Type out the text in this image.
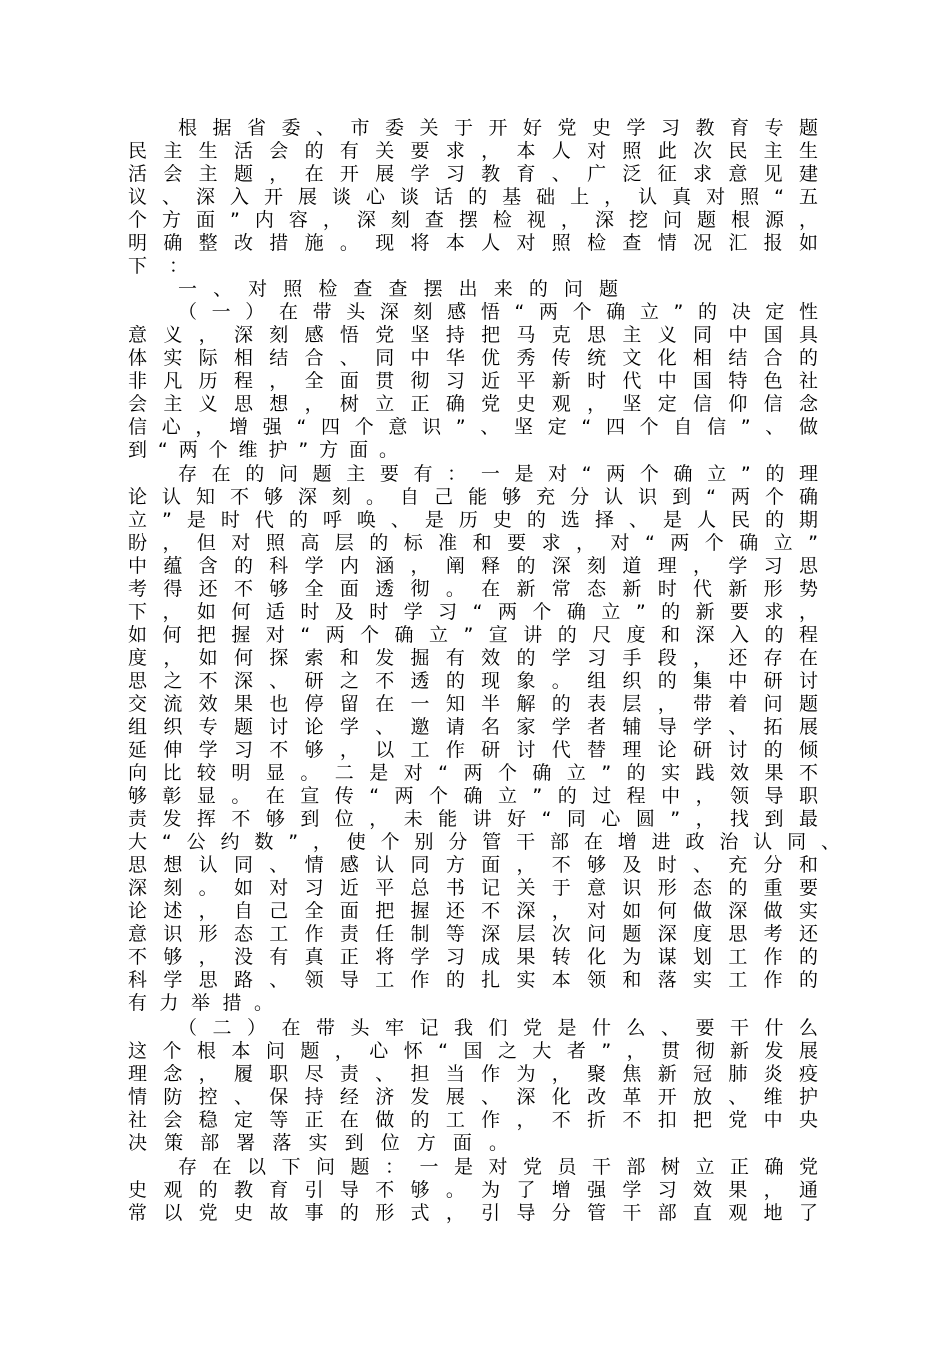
根据省委、市委关于开好党史学习教育专题
民主生活会的有关要求，本人对照此次民主生
活会主题，在开展学习教育、广泛征求意见建
议、深入开展谈心谈话的基础上，认真对照“五
个方面”内容，深刻查摆检视，深挖问题根源，
明确整改措施。现将本人对照检查情况汇报如
下：
一、对照检查查摆出来的问题
（一）在带头深刻感悟“两个确立”的决定性
意义，深刻感悟党坚持把马克思主义同中国具
体实际相结合、同中华优秀传统文化相结合的
非凡历程，全面贯彻习近平新时代中国特色社
会主义思想，树立正确党史观，坚定信仰信念
信心，增强“四个意识”、坚定“四个自信”、做
到“两个维护”方面。
存在的问题主要有：一是对“两个确立”的理
论认知不够深刻。自己能够充分认识到“两个确
立”是时代的呼唤、是历史的选择、是人民的期
盼，但对照高层的标准和要求，对“两个确立”
中蕴含的科学内涵，阐释的深刻道理，学习思
考得还不够全面透彻。在新常态新时代新形势
下，如何适时及时学习“两个确立”的新要求，
如何把握对“两个确立”宣讲的尺度和深入的程
度，如何探索和发掘有效的学习手段，还存在
思之不深、研之不透的现象。组织的集中研讨
交流效果也停留在一知半解的表层，带着问题
组织专题讨论学、邀请名家学者辅导学、拓展
延伸学习不够，以工作研讨代替理论研讨的倾
向比较明显。二是对“两个确立”的实践效果不
够彰显。在宣传“两个确立”的过程中，领导职
责发挥不够到位，未能讲好“同心圆”，找到最
大“公约数”，使个别分管干部在增进政治认同、
思想认同、情感认同方面，不够及时、充分和
深刻。如对习近平总书记关于意识形态的重要
论述，自己全面把握还不深，对如何做深做实
意识形态工作责任制等深层次问题深度思考还
不够，没有真正将学习成果转化为谋划工作的
科学思路、领导工作的扎实本领和落实工作的
有力举措。
（二）在带头牢记我们党是什么、要干什么
这个根本问题，心怀“国之大者”，贯彻新发展
理念，履职尽责、担当作为，聚焦新冠肺炎疫
情防控、保持经济发展、深化改革开放、维护
社会稳定等正在做的工作，不折不扣把党中央
决策部署落实到位方面。
存在以下问题：一是对党员干部树立正确党
史观的教育引导不够。为了增强学习效果，通
常以党史故事的形式，引导分管干部直观地了
